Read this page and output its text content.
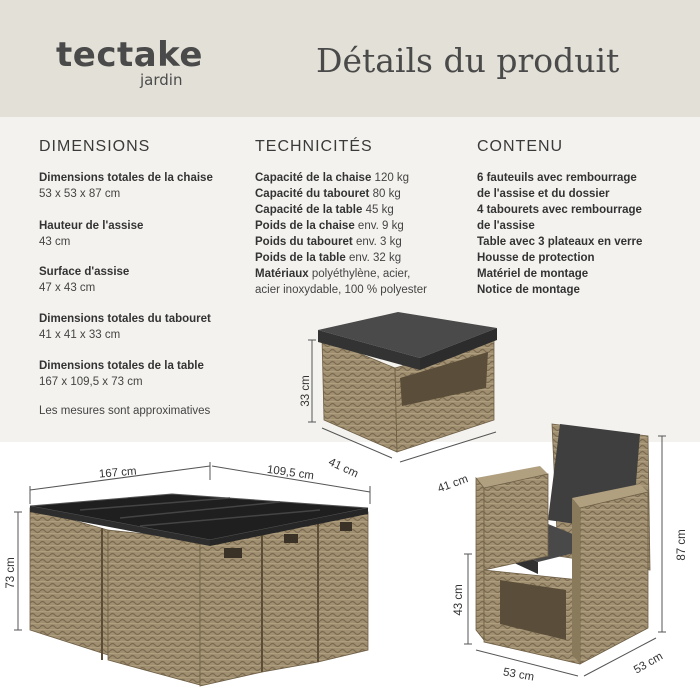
tectake
jardin	Détails du produit
DIMENSIONS	TECHNICITÉS	CONTENU
Dimensions totales de la chaise
53 x 53 x 87 cm
Hauteur de l'assise
43 cm
Surface d'assise
47 x 43 cm
Dimensions totales du tabouret
41 x 41 x 33 cm
Dimensions totales de la table
167 x 109,5 x 73 cm
Les mesures sont approximatives
Capacité de la chaise 120 kg
Capacité du tabouret 80 kg
Capacité de la table 45 kg
Poids de la chaise env. 9 kg
Poids du tabouret env. 3 kg
Poids de la table env. 32 kg
Matériaux polyéthylène, acier,
acier inoxydable, 100 % polyester
6 fauteuils avec rembourrage
de l'assise et du dossier
4 tabourets avec rembourrage
de l'assise
Table avec 3 plateaux en verre
Housse de protection
Matériel de montage
Notice de montage
33 cm
41 cm
41 cm
167 cm	109,5 cm
73 cm
87 cm
43 cm
53 cm	53 cm
